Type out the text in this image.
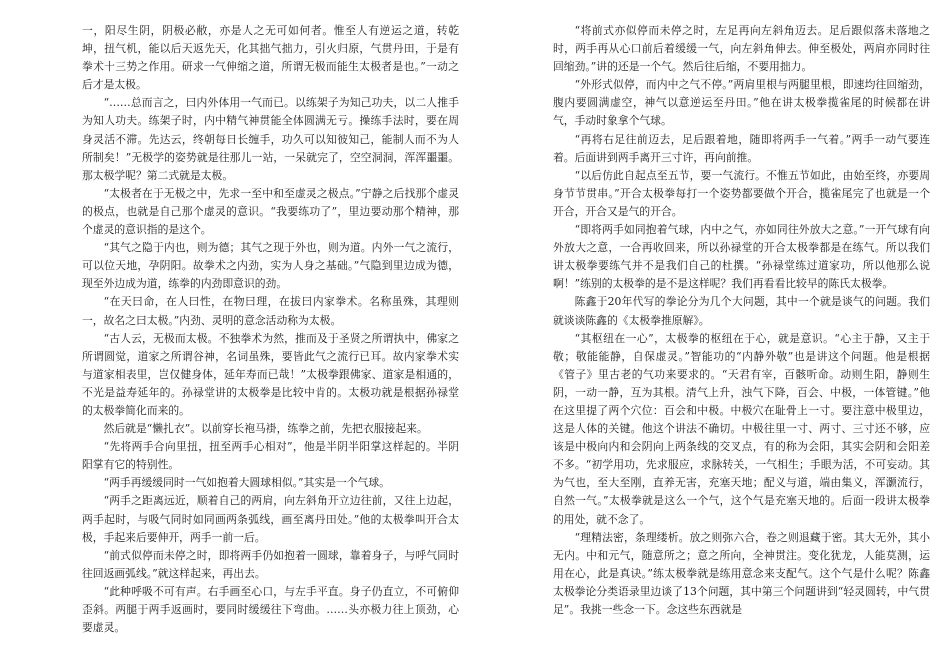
一，阳尽生阴，阴极必敝，亦是人之无可如何者。惟至人有逆运之道，转乾坤，扭气机，能以后天返先天，化其拙气拙力，引火归原，气贯丹田，于是有拳术十三势之作用。研求一气伸缩之道，所谓无极而能生太极者是也。”一动之后才是太极。

“……总而言之，曰内外体用一气而已。以练架子为知己功夫，以二人推手为知人功夫。练架子时，内中精气神贯能全体圆满无亏。操练手法时，要在周身灵活不滞。先达云，终朝每日长缠手，功久可以知彼知己，能制人而不为人所制矣！”无极学的姿势就是往那儿一站，一呆就完了，空空洞洞，浑浑噩噩。那太极学呢？第二式就是太极。

“太极者在于无极之中，先求一至中和至虚灵之极点。”宁静之后找那个虚灵的极点，也就是自己那个虚灵的意识。“我要练功了”，里边要动那个精神，那个虚灵的意识指的是这个。

“其气之隐于内也，则为德；其气之现于外也，则为道。内外一气之流行，可以位天地，孕阴阳。故拳术之内劲，实为人身之基础。”气隐到里边成为德，现至外边成为道，练拳的内劲即意识的劲。

“在天曰命，在人曰性，在物曰理，在拔曰内家拳术。名称虽殊，其理则一，故名之曰太极。”内劲、灵明的意念活动称为太极。

“古人云，无极而太极。不独拳术为然，推而及于圣贤之所谓执中，佛家之所谓圆觉，道家之所谓谷神，名词虽殊，要皆此气之流行已耳。故内家拳术实与道家相表里，岂仅健身体，延年寿而已哉！”太极拳跟佛家、道家是相通的，不光是益寿延年的。孙禄堂讲的太极拳是比较中肯的。太极功就是根据孙禄堂的太极拳简化而来的。

然后就是“懒扎衣”。以前穿长袍马褂，练拳之前，先把衣服接起来。

“先将两手合向里扭，扭至两手心相对”，他是半阴半阳掌这样起的。半阴阳掌有它的特别性。

“两手再缓缓同时一气如抱着大圆球相似。”其实是一个气球。

“两手之距离远近，顺着自己的两肩，向左斜角开立边往前，又往上边起，两手起时，与吸气同时如同画两条弧线，画至离丹田处。”他的太极拳叫开合太极，手起来后要伸开，两手一前一后。

“前式似停而未停之时，即将两手仍如抱着一圆球，靠着身子，与呼气同时往回返画弧线。”就这样起来，再出去。

“此种呼吸不可有声。右手画至心口，与左手平直。身子仍直立，不可俯仰歪斜。两腿于两手返画时，要同时缓缓往下弯曲。……头亦极力往上顶劲，心要虚灵。

“将前式亦似停而未停之时，左足再向左斜角迈去。足后跟似落未落地之时，两手再从心口前后着缓缓一气，向左斜角伸去。伸至极处，两肩亦同时往回缩劲。”讲的还是一个气。然后往后缩，不要用拙力。

“外形式似停，而内中之气不停。”两肩里根与两腿里根，即速均往回缩劲，腹内要圆满虚空，神气以意逆运至丹田。”他在讲太极拳揽雀尾的时候都在讲气，手动时象拿个气球。

“再将右足往前迈去，足后跟着地，随即将两手一气着。”两手一动气要连着。后面讲到两手离开三寸许，再向前推。

“以后仿此自起点至五节，要一气流行。不惟五节如此，由始至终，亦要周身节节贯串。”开合太极拳每打一个姿势都要做个开合，揽雀尾完了也就是一个开合，开合又是气的开合。

“即将两手如同抱着气球，内中之气，亦如同往外放大之意。”一开气球有向外放大之意，一合再收回来，所以孙禄堂的开合太极拳都是在练气。所以我们讲太极拳要练气并不是我们自己的杜撰。“孙禄堂练过道家功，所以他那么说啊！”练别的太极拳的是不是这样呢？我们再看看比较早的陈氏太极拳。

陈鑫于20年代写的拳论分为几个大问题，其中一个就是谈气的问题。我们就谈谈陈鑫的《太极拳推原解》。

“其枢纽在一心”，太极拳的枢纽在于心，就是意识。“心主于静，又主于敬；敬能能静，自保虚灵。”智能功的“内静外敬”也是讲这个问题。他是根据《管子》里古老的气功来要求的。“天君有宰，百骸听命。动则生阳，静则生阴，一动一静，互为其根。清气上升，浊气下降，百会、中极，一体管键。”他在这里提了两个穴位：百会和中极。中极穴在耻骨上一寸。要注意中极里边，这是人体的关键。他这个讲法不确切。中极往里一寸、两寸、三寸还不够，应该是中极向内和会阴向上两条线的交叉点，有的称为会阳，其实会阴和会阳差不多。“初学用功，先求服应，求脉转关，一气相生；手眼为活，不可妄动。其为气也，至大至刚，直养无害，充塞天地；配义与道，端由集义，浑灏流行，自然一气。”太极拳就是这么一个气，这个气是充塞天地的。后面一段讲太极拳的用处，就不念了。

“理精法密，条理缕析。放之则弥六合，卷之则退藏于密。其大无外，其小无内。中和元气，随意所之；意之所向，全神贯注。变化犹龙，人能莫测，运用在心，此是真诀。”练太极拳就是练用意念来支配气。这个气是什么呢？陈鑫太极拳论分类语录里边谈了13个问题，其中第三个问题讲到“轻灵圆转，中气贯足”。我挑一些念一下。念这些东西就是
